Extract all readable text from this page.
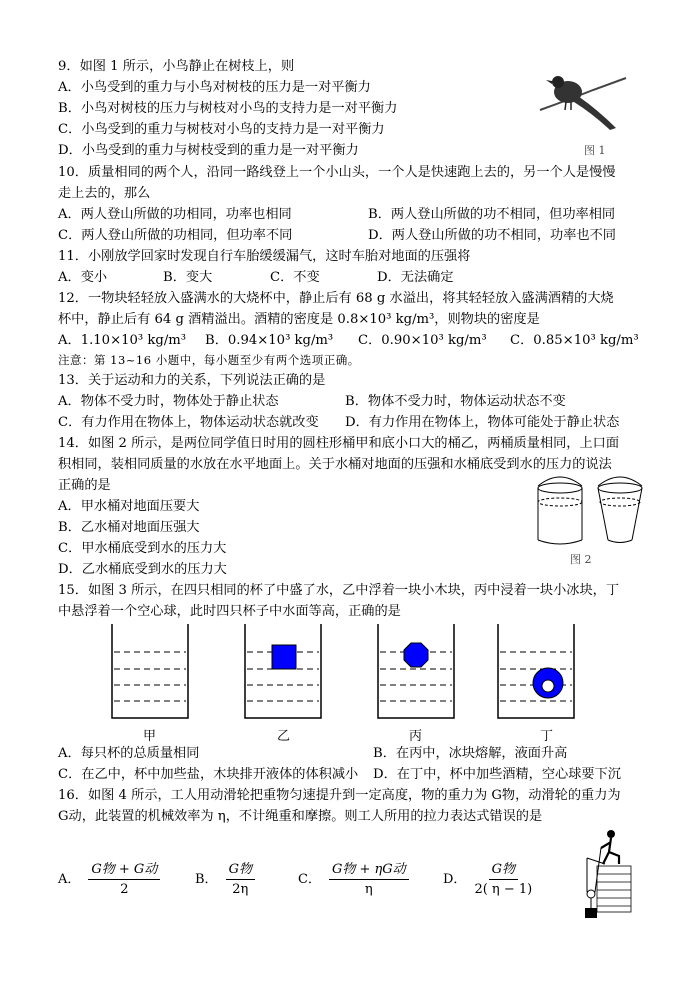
9．如图 1 所示，小鸟静止在树枝上，则
A．小鸟受到的重力与小鸟对树枝的压力是一对平衡力
B．小鸟对树枝的压力与树枝对小鸟的支持力是一对平衡力
C．小鸟受到的重力与树枝对小鸟的支持力是一对平衡力
D．小鸟受到的重力与树枝受到的重力是一对平衡力	图 1
10．质量相同的两个人，沿同一路线登上一个小山头，一个人是快速跑上去的，另一个人是慢慢
走上去的，那么
A．两人登山所做的功相同，功率也相同	B．两人登山所做的功不相同，但功率相同
C．两人登山所做的功相同，但功率不同	D．两人登山所做的功不相同，功率也不同
11．小刚放学回家时发现自行车胎缓缓漏气，这时车胎对地面的压强将
A．变小	B．变大	C．不变	D．无法确定
12．一物块轻轻放入盛满水的大烧杯中，静止后有 68 g 水溢出，将其轻轻放入盛满酒精的大烧
杯中，静止后有 64 g 酒精溢出。酒精的密度是 0.8×10³ kg/m³，则物块的密度是
A．1.10×10³ kg/m³ B．0.94×10³ kg/m³ C．0.90×10³ kg/m³ C．0.85×10³ kg/m³
注意：第 13~16 小题中，每小题至少有两个选项正确。
13．关于运动和力的关系，下列说法正确的是
A．物体不受力时，物体处于静止状态	B．物体不受力时，物体运动状态不变
C．有力作用在物体上，物体运动状态就改变 D．有力作用在物体上，物体可能处于静止状态
14．如图 2 所示，是两位同学值日时用的圆柱形桶甲和底小口大的桶乙，两桶质量相同，上口面
积相同，装相同质量的水放在水平地面上。关于水桶对地面的压强和水桶底受到水的压力的说法
正确的是
A．甲水桶对地面压要大
B．乙水桶对地面压强大
C．甲水桶底受到水的压力大
D．乙水桶底受到水的压力大
图 2
15．如图 3 所示，在四只相同的杯了中盛了水，乙中浮着一块小木块，丙中浸着一块小冰块，丁
中悬浮着一个空心球，此时四只杯子中水面等高，正确的是
甲	乙	丙	丁
A．每只杯的总质量相同	B．在丙中，冰块熔解，液面升高
C．在乙中，杯中加些盐，木块排开液体的体积减小 D．在丁中，杯中加些酒精，空心球要下沉
16．如图 4 所示，工人用动滑轮把重物匀速提升到一定高度，物的重力为 G物，动滑轮的重力为
G动，此装置的机械效率为 η，不计绳重和摩擦。则工人所用的拉力表达式错误的是
A． $\frac{\text{G物 + G动}}{2}$	B． $\frac{\text{G物}}{2\eta}$	C． $\frac{\text{G物 + ηG动}}{\eta}$	D． $\frac{\text{G物}}{2( \eta - 1)}$
